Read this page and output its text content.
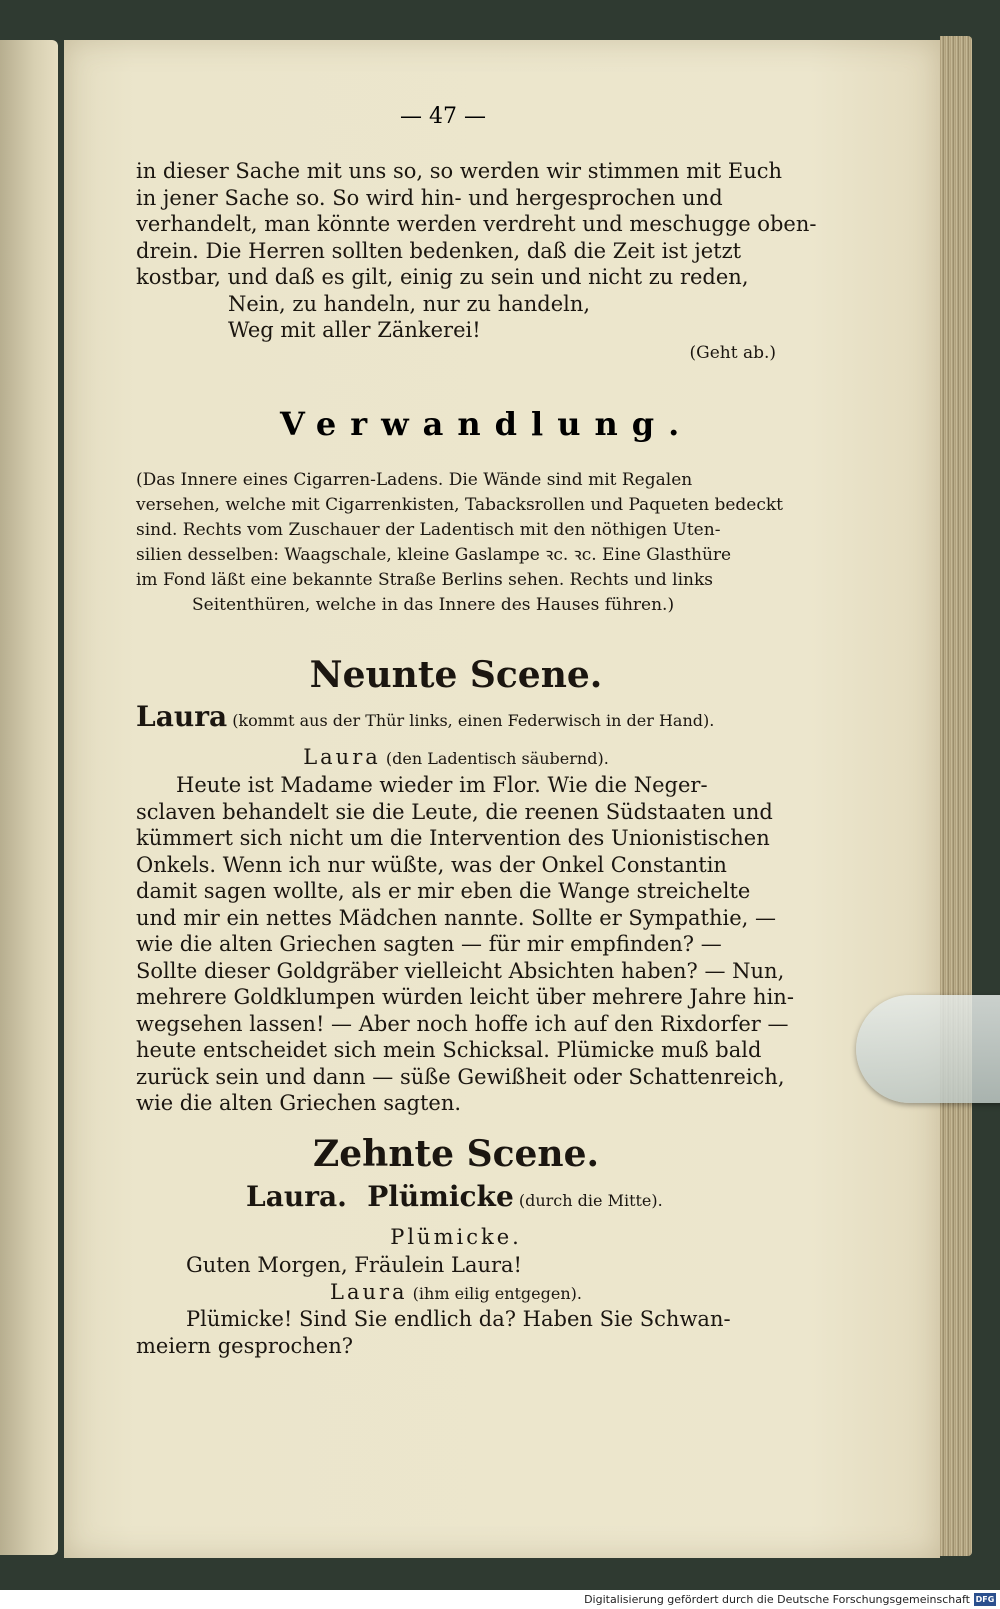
— 47 —
in dieser Sache mit uns so, so werden wir stimmen mit Euch
in jener Sache so. So wird hin- und hergesprochen und
verhandelt, man könnte werden verdreht und meschugge oben-
drein. Die Herren sollten bedenken, daß die Zeit ist jetzt
kostbar, und daß es gilt, einig zu sein und nicht zu reden,
Nein, zu handeln, nur zu handeln,
Weg mit aller Zänkerei!
(Geht ab.)
Verwandlung.
(Das Innere eines Cigarren-Ladens. Die Wände sind mit Regalen
versehen, welche mit Cigarrenkisten, Tabacksrollen und Paqueten bedeckt
sind. Rechts vom Zuschauer der Ladentisch mit den nöthigen Uten-
silien desselben: Waagschale, kleine Gaslampe ꝛc. ꝛc. Eine Glasthüre
im Fond läßt eine bekannte Straße Berlins sehen. Rechts und links
Seitenthüren, welche in das Innere des Hauses führen.)
Neunte Scene.
Laura (kommt aus der Thür links, einen Federwisch in der Hand).
Laura (den Ladentisch säubernd).
Heute ist Madame wieder im Flor. Wie die Neger-
sclaven behandelt sie die Leute, die reenen Südstaaten und
kümmert sich nicht um die Intervention des Unionistischen
Onkels. Wenn ich nur wüßte, was der Onkel Constantin
damit sagen wollte, als er mir eben die Wange streichelte
und mir ein nettes Mädchen nannte. Sollte er Sympathie, —
wie die alten Griechen sagten — für mir empfinden? —
Sollte dieser Goldgräber vielleicht Absichten haben? — Nun,
mehrere Goldklumpen würden leicht über mehrere Jahre hin-
wegsehen lassen! — Aber noch hoffe ich auf den Rixdorfer —
heute entscheidet sich mein Schicksal. Plümicke muß bald
zurück sein und dann — süße Gewißheit oder Schattenreich,
wie die alten Griechen sagten.
Zehnte Scene.
Laura. Plümicke (durch die Mitte).
Plümicke.
Guten Morgen, Fräulein Laura!
Laura (ihm eilig entgegen).
Plümicke! Sind Sie endlich da? Haben Sie Schwan-
meiern gesprochen?
Digitalisierung gefördert durch die Deutsche Forschungsgemeinschaft DFG
